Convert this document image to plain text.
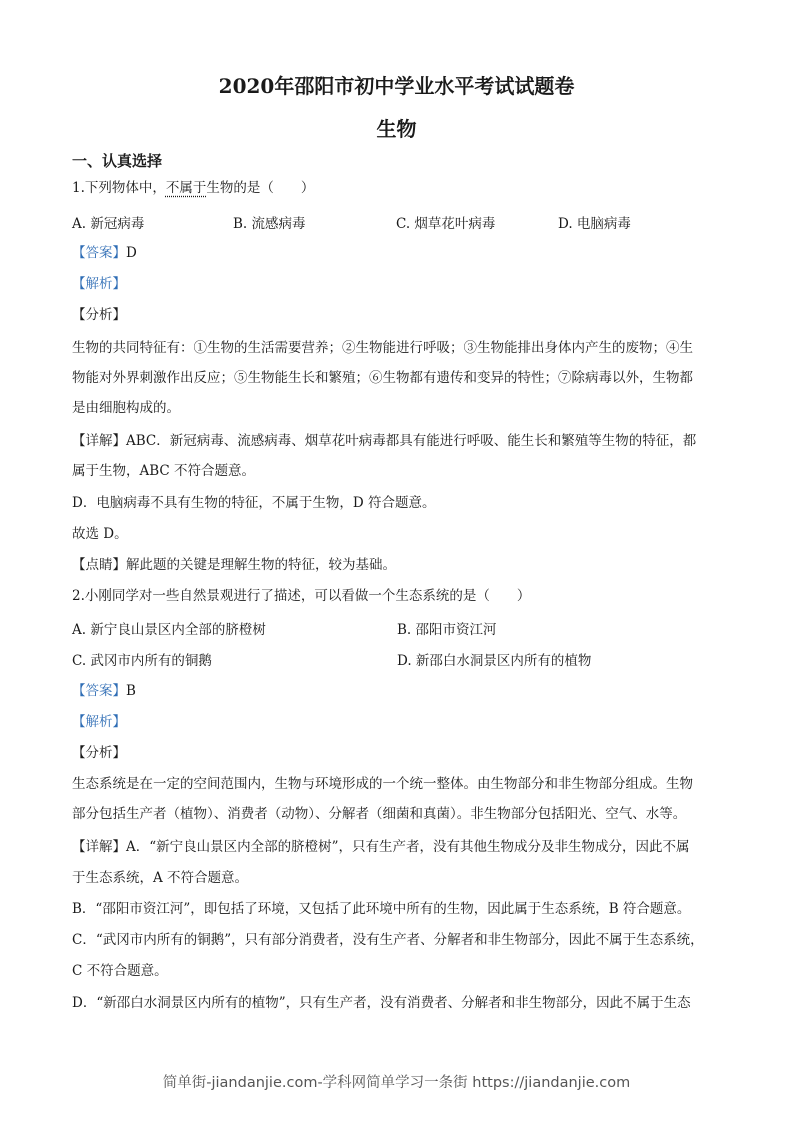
2020年邵阳市初中学业水平考试试题卷
生物
一、认真选择
1.下列物体中，不属于生物的是（　　）
A. 新冠病毒	B. 流感病毒	C. 烟草花叶病毒	D. 电脑病毒
【答案】D
【解析】
【分析】
生物的共同特征有：①生物的生活需要营养；②生物能进行呼吸；③生物能排出身体内产生的废物；④生
物能对外界刺激作出反应；⑤生物能生长和繁殖；⑥生物都有遗传和变异的特性；⑦除病毒以外，生物都
是由细胞构成的。
【详解】ABC．新冠病毒、流感病毒、烟草花叶病毒都具有能进行呼吸、能生长和繁殖等生物的特征，都
属于生物，ABC 不符合题意。
D．电脑病毒不具有生物的特征，不属于生物，D 符合题意。
故选 D。
【点睛】解此题的关键是理解生物的特征，较为基础。
2.小刚同学对一些自然景观进行了描述，可以看做一个生态系统的是（　　）
A. 新宁良山景区内全部的脐橙树	B. 邵阳市资江河
C. 武冈市内所有的铜鹅	D. 新邵白水洞景区内所有的植物
【答案】B
【解析】
【分析】
生态系统是在一定的空间范围内，生物与环境形成的一个统一整体。由生物部分和非生物部分组成。生物
部分包括生产者（植物）、消费者（动物）、分解者（细菌和真菌）。非生物部分包括阳光、空气、水等。
【详解】A．“新宁良山景区内全部的脐橙树”，只有生产者，没有其他生物成分及非生物成分，因此不属
于生态系统，A 不符合题意。
B．“邵阳市资江河”，即包括了环境，又包括了此环境中所有的生物，因此属于生态系统，B 符合题意。
C．“武冈市内所有的铜鹅”，只有部分消费者，没有生产者、分解者和非生物部分，因此不属于生态系统，
C 不符合题意。
D．“新邵白水洞景区内所有的植物”，只有生产者，没有消费者、分解者和非生物部分，因此不属于生态
简单街-jiandanjie.com-学科网简单学习一条街 https://jiandanjie.com
